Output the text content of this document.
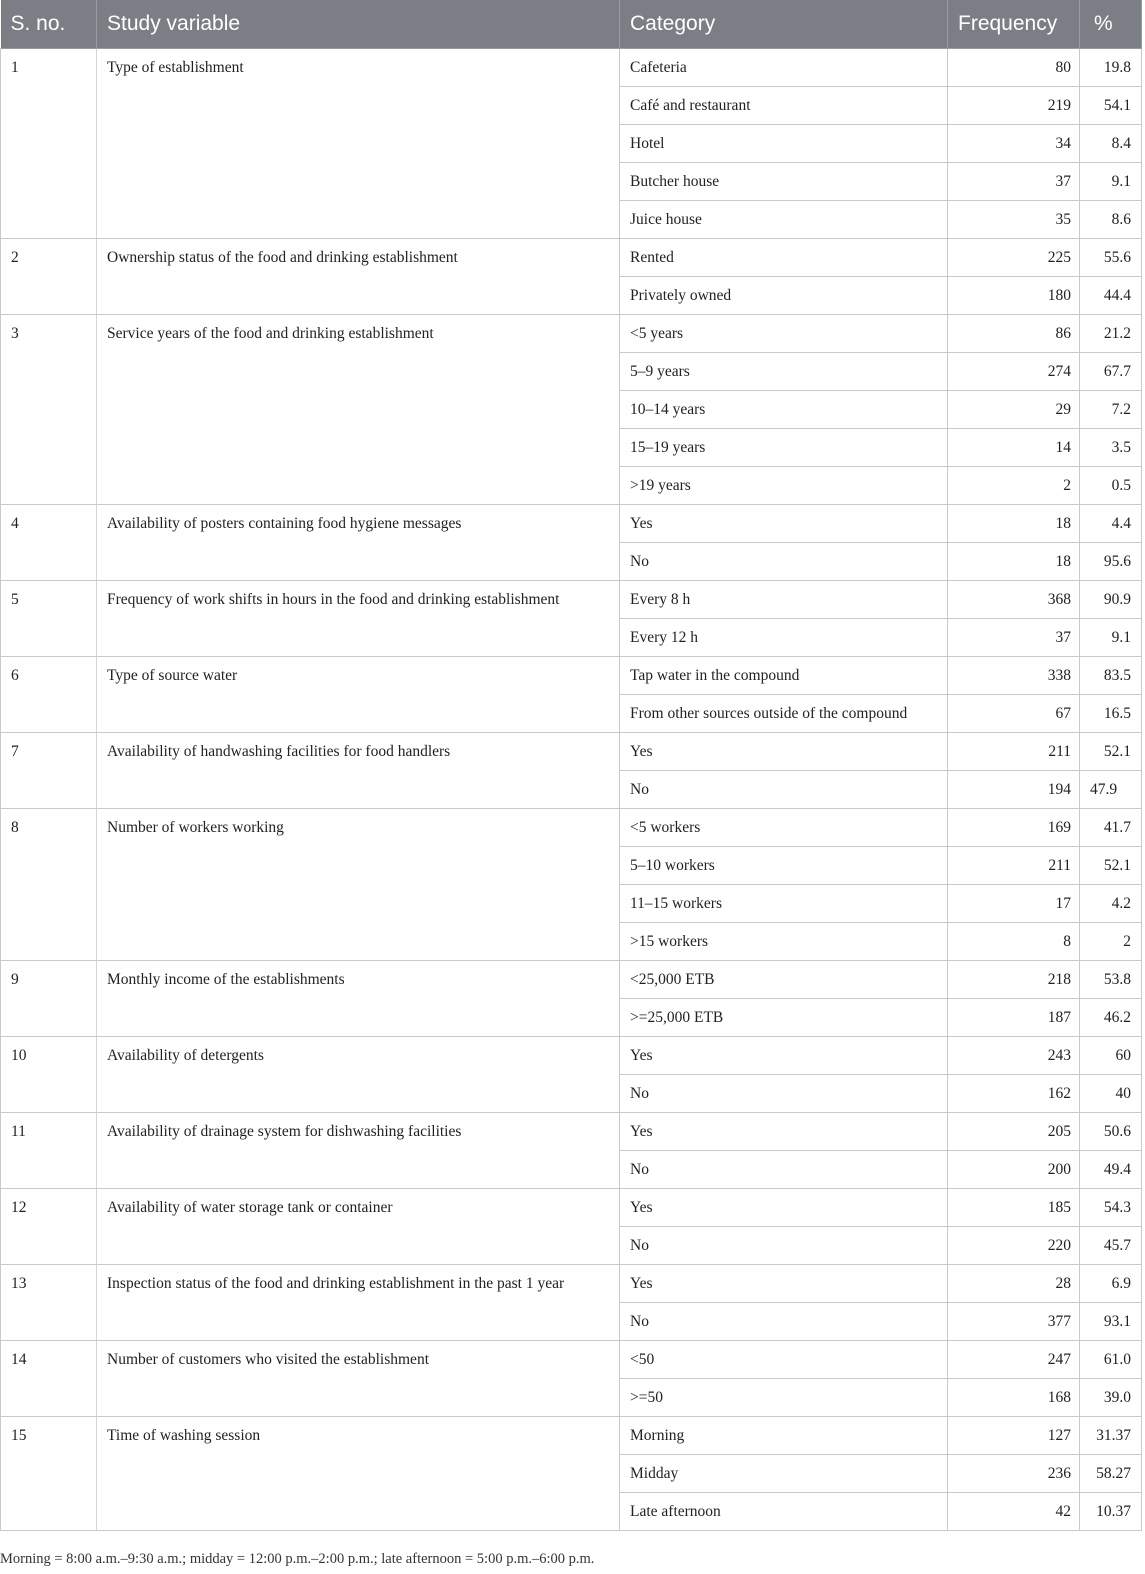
S. no.	Study variable	Category	Frequency	%
1	Type of establishment	Cafeteria	80	19.8
		Café and restaurant	219	54.1
		Hotel	34	8.4
		Butcher house	37	9.1
		Juice house	35	8.6
2	Ownership status of the food and drinking establishment	Rented	225	55.6
		Privately owned	180	44.4
3	Service years of the food and drinking establishment	<5 years	86	21.2
		5–9 years	274	67.7
		10–14 years	29	7.2
		15–19 years	14	3.5
		>19 years	2	0.5
4	Availability of posters containing food hygiene messages	Yes	18	4.4
		No	18	95.6
5	Frequency of work shifts in hours in the food and drinking establishment	Every 8 h	368	90.9
		Every 12 h	37	9.1
6	Type of source water	Tap water in the compound	338	83.5
		From other sources outside of the compound	67	16.5
7	Availability of handwashing facilities for food handlers	Yes	211	52.1
		No	194	47.9
8	Number of workers working	<5 workers	169	41.7
		5–10 workers	211	52.1
		11–15 workers	17	4.2
		>15 workers	8	2
9	Monthly income of the establishments	<25,000 ETB	218	53.8
		>=25,000 ETB	187	46.2
10	Availability of detergents	Yes	243	60
		No	162	40
11	Availability of drainage system for dishwashing facilities	Yes	205	50.6
		No	200	49.4
12	Availability of water storage tank or container	Yes	185	54.3
		No	220	45.7
13	Inspection status of the food and drinking establishment in the past 1 year	Yes	28	6.9
		No	377	93.1
14	Number of customers who visited the establishment	<50	247	61.0
		>=50	168	39.0
15	Time of washing session	Morning	127	31.37
		Midday	236	58.27
		Late afternoon	42	10.37
Morning = 8:00 a.m.–9:30 a.m.; midday = 12:00 p.m.–2:00 p.m.; late afternoon = 5:00 p.m.–6:00 p.m.
